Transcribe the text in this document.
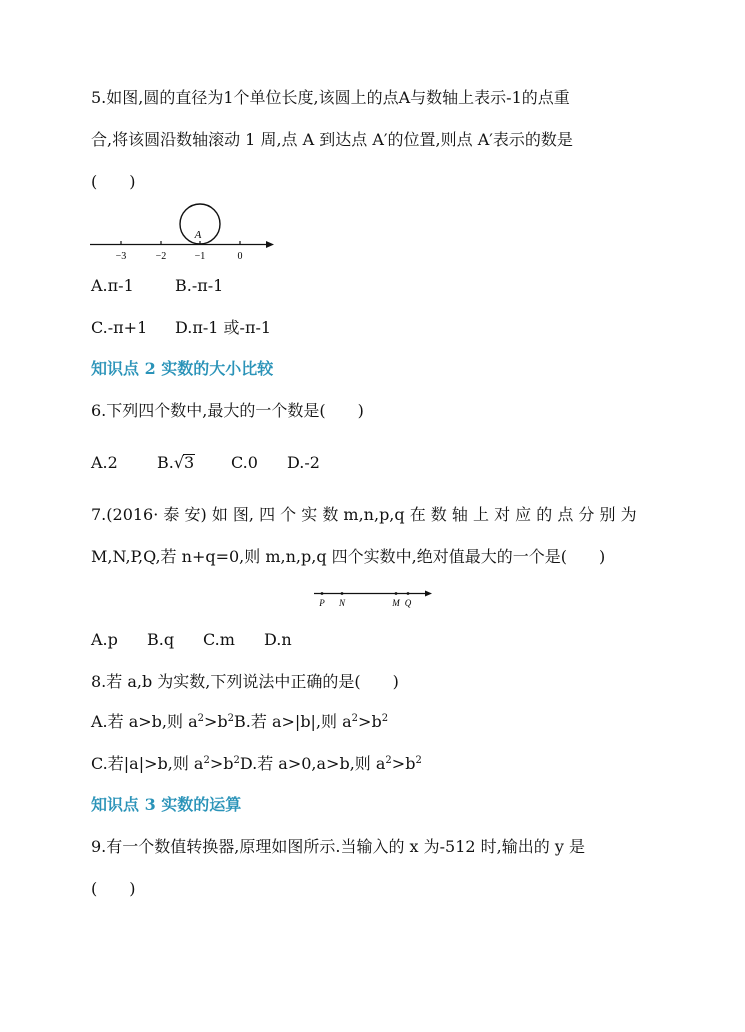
5.如图,圆的直径为1个单位长度,该圆上的点A与数轴上表示-1的点重
合,将该圆沿数轴滚动 1 周,点 A 到达点 A′的位置,则点 A′表示的数是
(　　)
A
−3	−2	−1	0
A.π-1	B.-π-1
C.-π+1 D.π-1 或-π-1
知识点 2 实数的大小比较
6.下列四个数中,最大的一个数是(　　)
A.2 B.√3 C.0 D.-2
7.(2016· 泰 安) 如 图, 四 个 实 数 m,n,p,q 在 数 轴 上 对 应 的 点 分 别 为
M,N,P,Q,若 n+q=0,则 m,n,p,q 四个实数中,绝对值最大的一个是(　　)
P N	M Q
A.p B.q C.m D.n
8.若 a,b 为实数,下列说法中正确的是(　　)
A.若 a>b,则 $a^2>b^2B$.若 a>|b|,则 $a^2>b^2$
C.若|a|>b,则 $a^2>b^2D$.若 a>0,a>b,则 $a^2>b^2$
知识点 3 实数的运算
9.有一个数值转换器,原理如图所示.当输入的 x 为-512 时,输出的 y 是
(　　)
